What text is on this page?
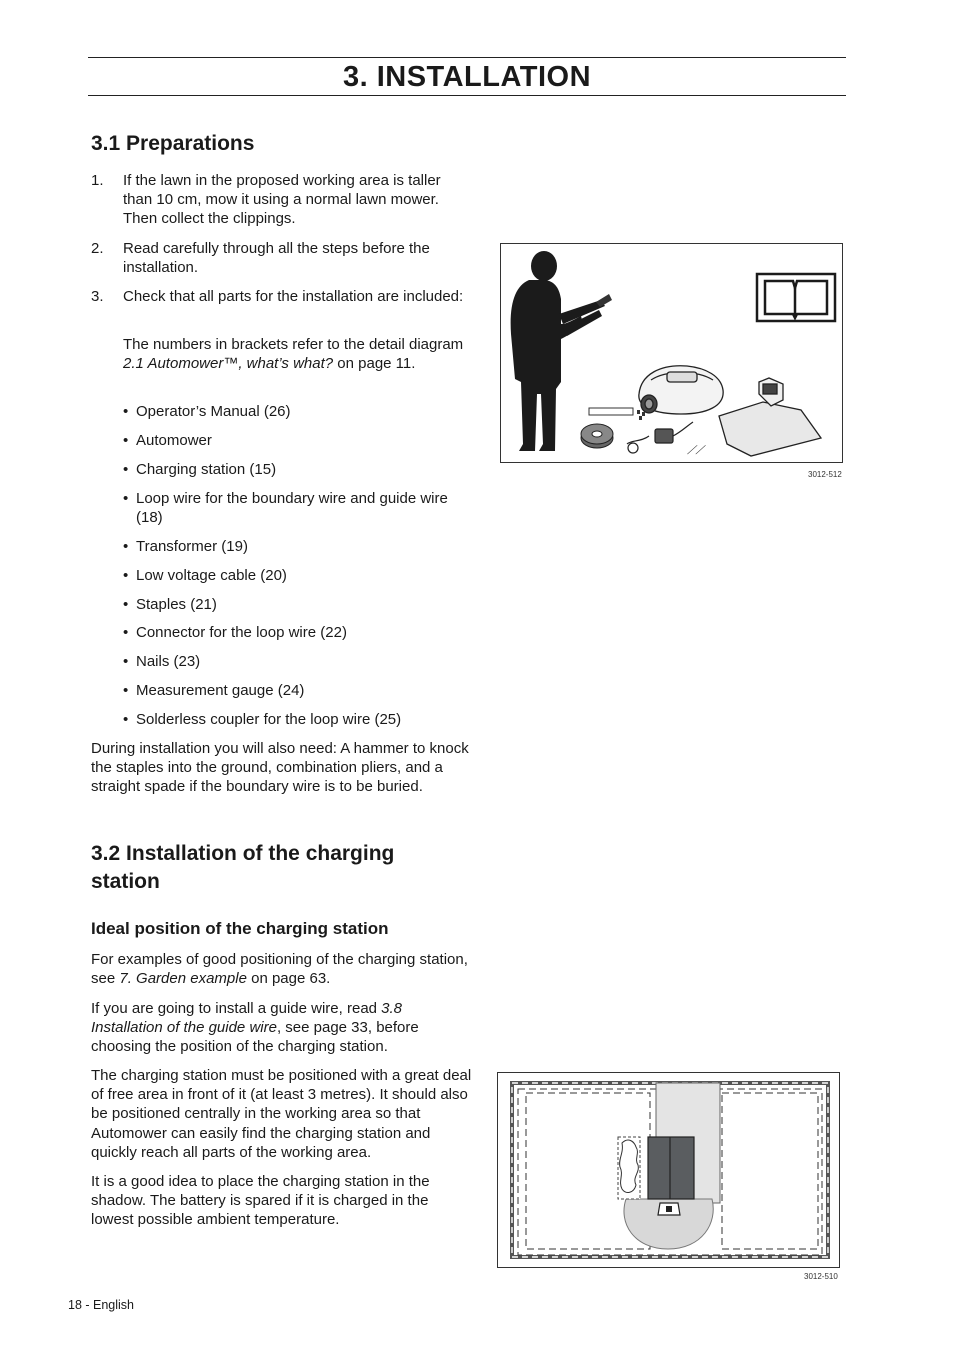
3. INSTALLATION
3.1 Preparations
1. If the lawn in the proposed working area is taller than 10 cm, mow it using a normal lawn mower. Then collect the clippings.
2. Read carefully through all the steps before the installation.
3. Check that all parts for the installation are included:
The numbers in brackets refer to the detail diagram 2.1 Automower™, what’s what? on page 11.
• Operator’s Manual (26)
• Automower
• Charging station (15)
• Loop wire for the boundary wire and guide wire (18)
• Transformer (19)
• Low voltage cable (20)
• Staples (21)
• Connector for the loop wire (22)
• Nails (23)
• Measurement gauge (24)
• Solderless coupler for the loop wire (25)
During installation you will also need: A hammer to knock the staples into the ground, combination pliers, and a straight spade if the boundary wire is to be buried.
3.2 Installation of the charging
station
Ideal position of the charging station
For examples of good positioning of the charging station, see 7. Garden example on page 63.
If you are going to install a guide wire, read 3.8 Installation of the guide wire, see page 33, before choosing the position of the charging station.
The charging station must be positioned with a great deal of free area in front of it (at least 3 metres). It should also be positioned centrally in the working area so that Automower can easily find the charging station and quickly reach all parts of the working area.
It is a good idea to place the charging station in the shadow. The battery is spared if it is charged in the lowest possible ambient temperature.
⟋⟋
3012-512
3012-510
18 - English
